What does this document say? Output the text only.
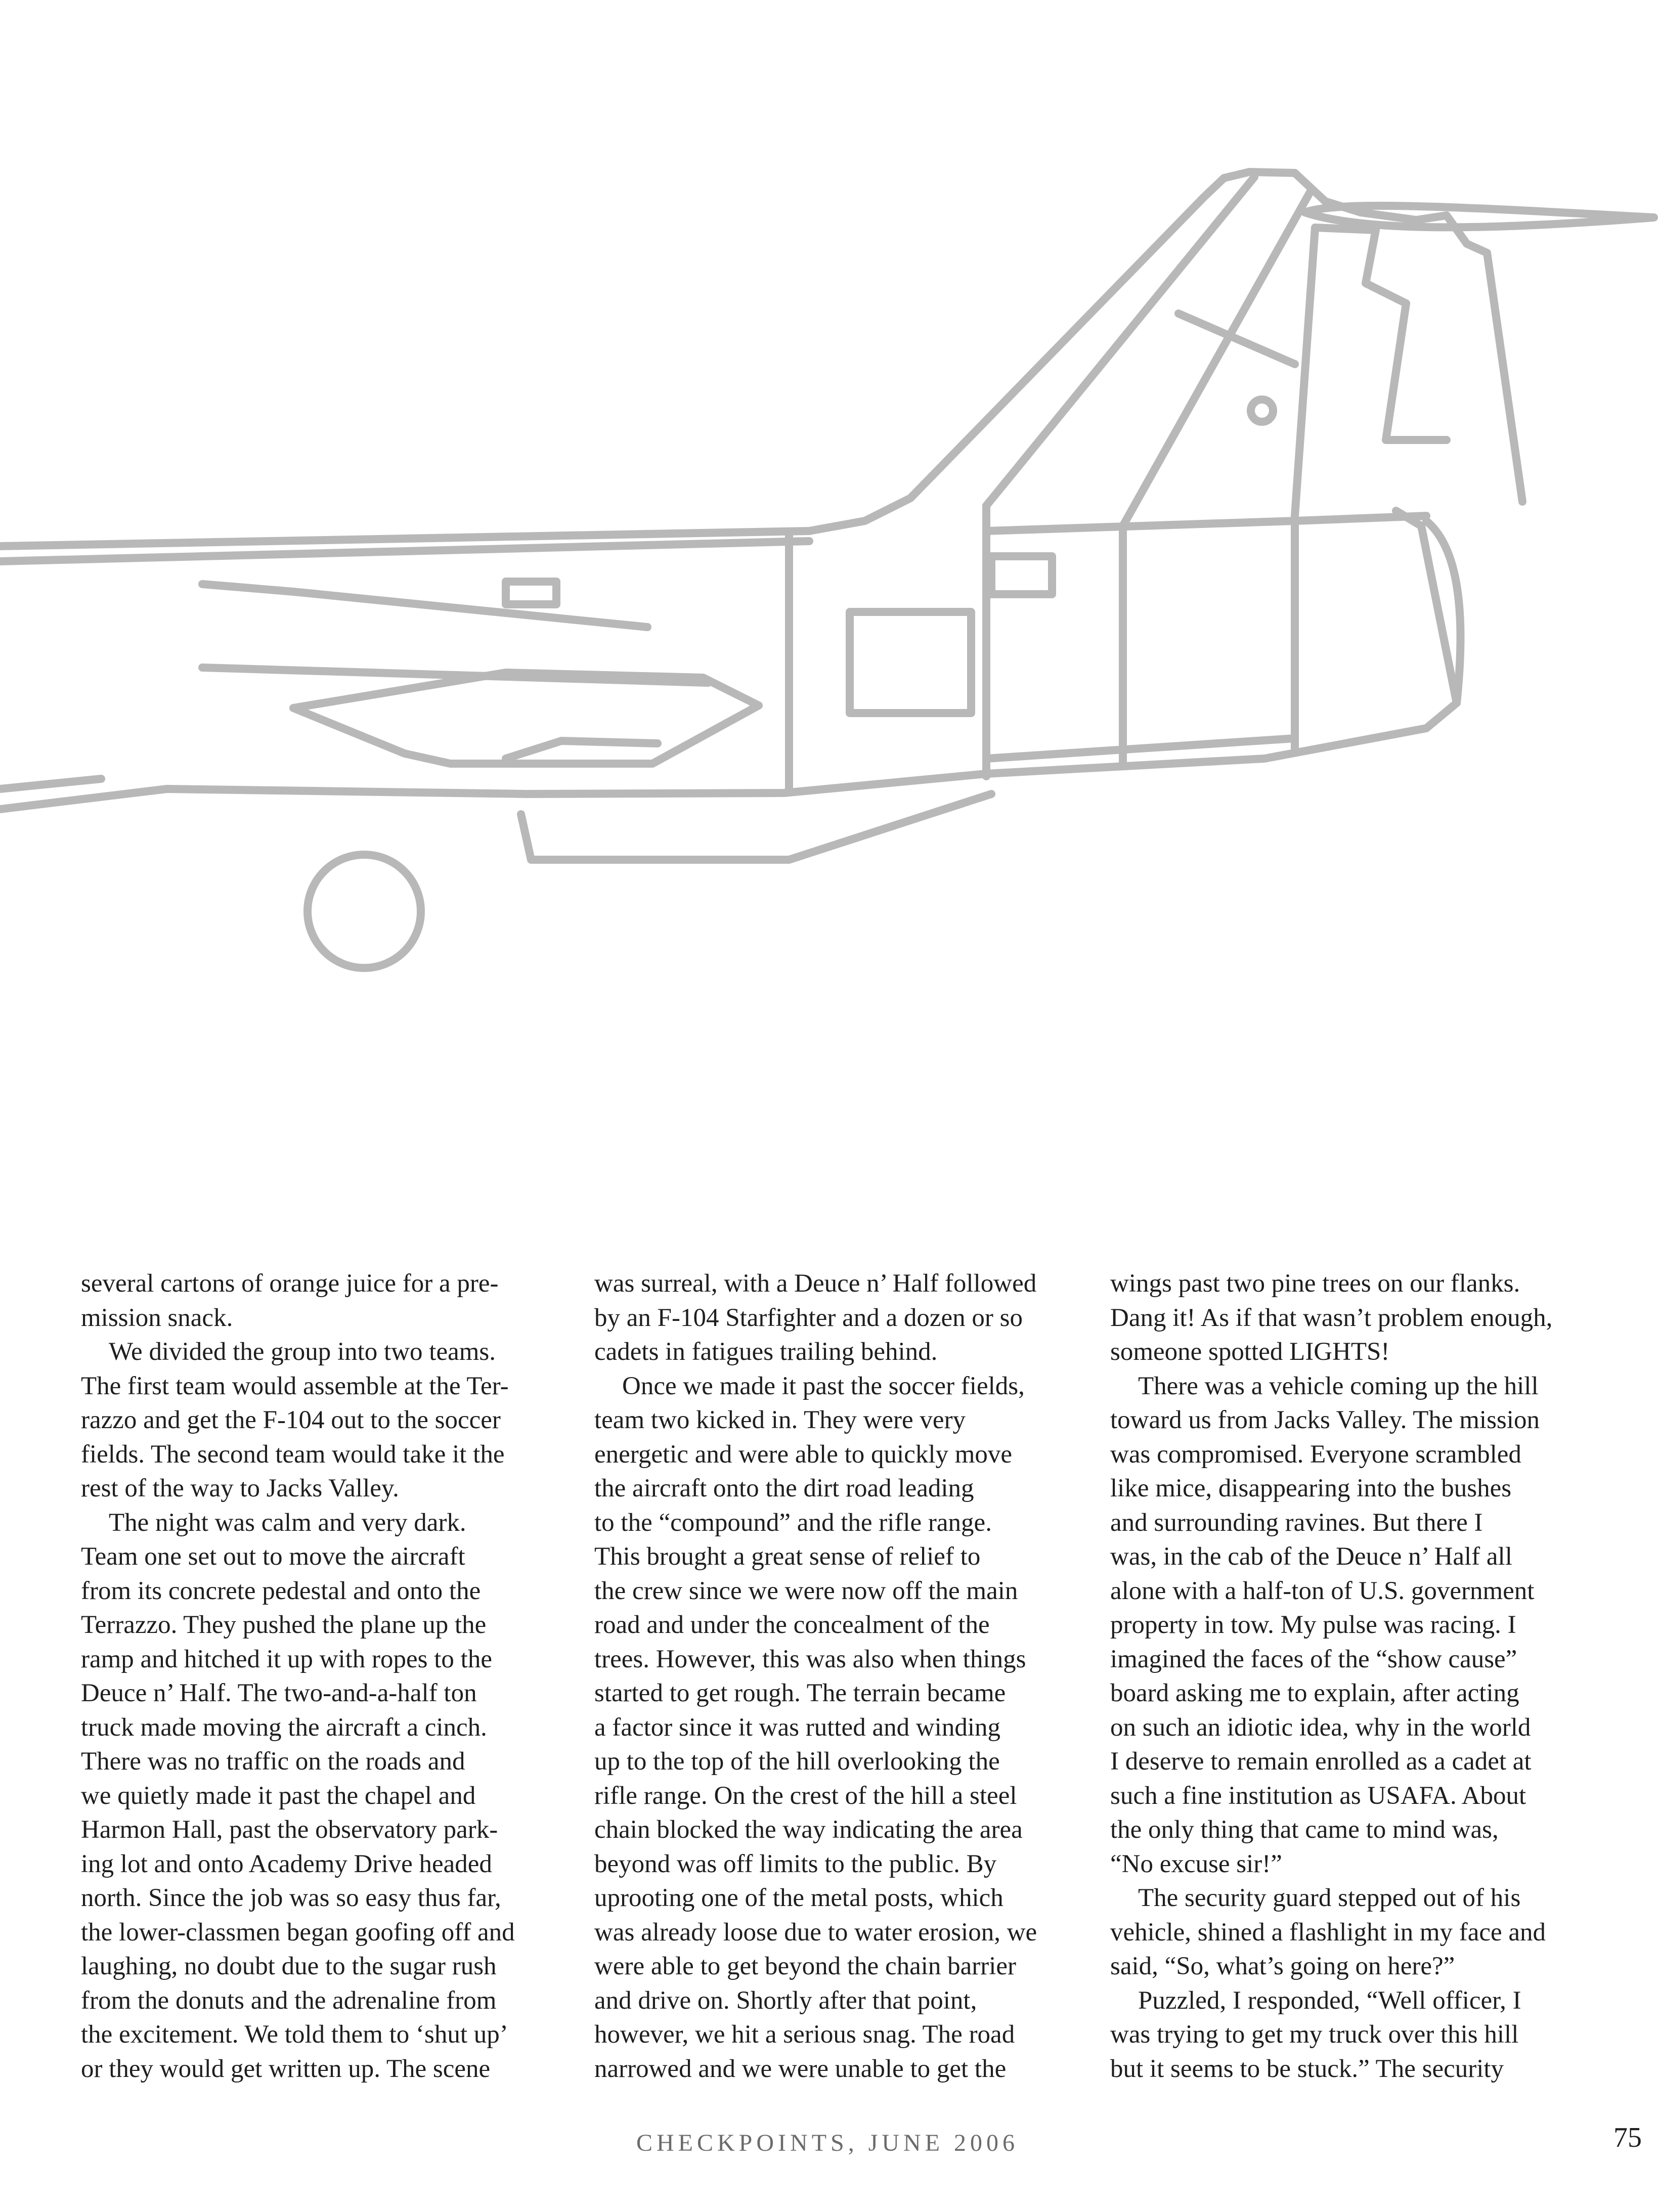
several cartons of orange juice for a pre-

mission snack.

We divided the group into two teams.

The first team would assemble at the Ter-

razzo and get the F-104 out to the soccer

fields. The second team would take it the

rest of the way to Jacks Valley.

The night was calm and very dark.

Team one set out to move the aircraft

from its concrete pedestal and onto the

Terrazzo. They pushed the plane up the

ramp and hitched it up with ropes to the

Deuce n’ Half. The two-and-a-half ton

truck made moving the aircraft a cinch.

There was no traffic on the roads and

we quietly made it past the chapel and

Harmon Hall, past the observatory park-

ing lot and onto Academy Drive headed

north. Since the job was so easy thus far,

the lower-classmen began goofing off and

laughing, no doubt due to the sugar rush

from the donuts and the adrenaline from

the excitement. We told them to ‘shut up’

or they would get written up. The scene

was surreal, with a Deuce n’ Half followed

by an F-104 Starfighter and a dozen or so

cadets in fatigues trailing behind.

Once we made it past the soccer fields,

team two kicked in. They were very

energetic and were able to quickly move

the aircraft onto the dirt road leading

to the “compound” and the rifle range.

This brought a great sense of relief to

the crew since we were now off the main

road and under the concealment of the

trees. However, this was also when things

started to get rough. The terrain became

a factor since it was rutted and winding

up to the top of the hill overlooking the

rifle range. On the crest of the hill a steel

chain blocked the way indicating the area

beyond was off limits to the public. By

uprooting one of the metal posts, which

was already loose due to water erosion, we

were able to get beyond the chain barrier

and drive on. Shortly after that point,

however, we hit a serious snag. The road

narrowed and we were unable to get the

wings past two pine trees on our flanks.

Dang it! As if that wasn’t problem enough,

someone spotted LIGHTS!

There was a vehicle coming up the hill

toward us from Jacks Valley. The mission

was compromised. Everyone scrambled

like mice, disappearing into the bushes

and surrounding ravines. But there I

was, in the cab of the Deuce n’ Half all

alone with a half-ton of U.S. government

property in tow. My pulse was racing. I

imagined the faces of the “show cause”

board asking me to explain, after acting

on such an idiotic idea, why in the world

I deserve to remain enrolled as a cadet at

such a fine institution as USAFA. About

the only thing that came to mind was,

“No excuse sir!”

The security guard stepped out of his

vehicle, shined a flashlight in my face and

said, “So, what’s going on here?”

Puzzled, I responded, “Well officer, I

was trying to get my truck over this hill

but it seems to be stuck.” The security

CHECKPOINTS, JUNE 2006	75
